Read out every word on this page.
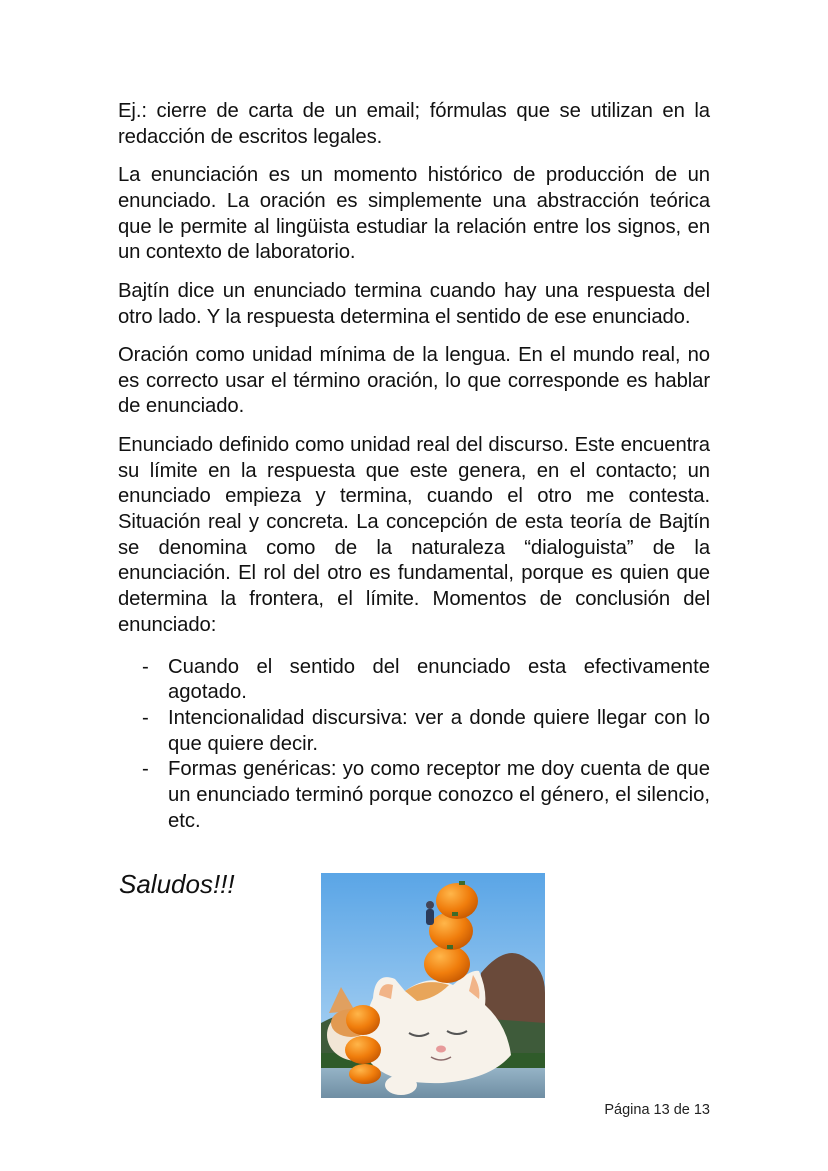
Ej.: cierre de carta de un email; fórmulas que se utilizan en la redacción de escritos legales.

La enunciación es un momento histórico de producción de un enunciado. La oración es simplemente una abstracción teórica que le permite al lingüista estudiar la relación entre los signos, en un contexto de laboratorio.

Bajtín dice un enunciado termina cuando hay una respuesta del otro lado. Y la respuesta determina el sentido de ese enunciado.

Oración como unidad mínima de la lengua. En el mundo real, no es correcto usar el término oración, lo que corresponde es hablar de enunciado.

Enunciado definido como unidad real del discurso. Este encuentra su límite en la respuesta que este genera, en el contacto; un enunciado empieza y termina, cuando el otro me contesta. Situación real y concreta. La concepción de esta teoría de Bajtín se denomina como de la naturaleza “dialoguista” de la enunciación. El rol del otro es fundamental, porque es quien que determina la frontera, el límite. Momentos de conclusión del enunciado:

- Cuando el sentido del enunciado esta efectivamente agotado.
- Intencionalidad discursiva: ver a donde quiere llegar con lo que quiere decir.
- Formas genéricas: yo como receptor me doy cuenta de que un enunciado terminó porque conozco el género, el silencio, etc.
Saludos!!!
Página 13 de 13
